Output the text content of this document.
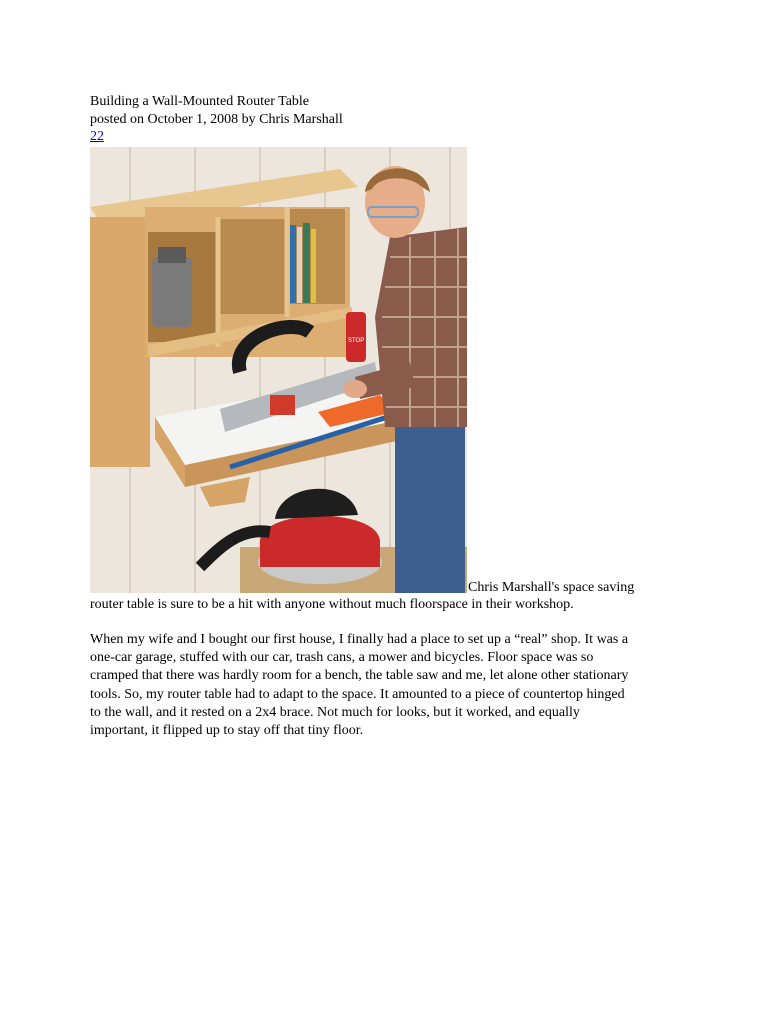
Building a Wall-Mounted Router Table
posted on October 1, 2008 by Chris Marshall
22
STOP
Chris Marshall's space saving
router table is sure to be a hit with anyone without much floorspace in their workshop.
When my wife and I bought our first house, I finally had a place to set up a “real” shop. It was a
one-car garage, stuffed with our car, trash cans, a mower and bicycles. Floor space was so
cramped that there was hardly room for a bench, the table saw and me, let alone other stationary
tools. So, my router table had to adapt to the space. It amounted to a piece of countertop hinged
to the wall, and it rested on a 2x4 brace. Not much for looks, but it worked, and equally
important, it flipped up to stay off that tiny floor.
